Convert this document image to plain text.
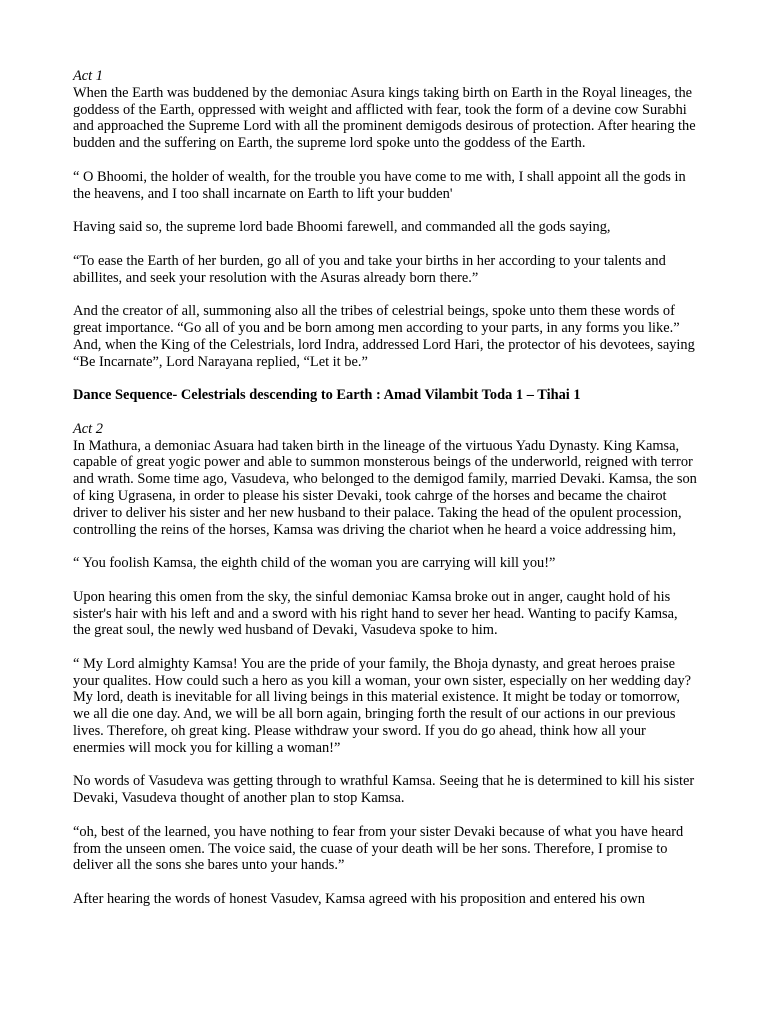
Act 1

When the Earth was buddened by the demoniac Asura kings taking birth on Earth in the Royal lineages, the goddess of the Earth, oppressed with weight and afflicted with fear, took the form of a devine cow Surabhi and approached the Supreme Lord with all the prominent demigods desirous of protection. After hearing the budden and the suffering on Earth, the supreme lord spoke unto the goddess of the Earth.

“ O Bhoomi, the holder of wealth, for the trouble you have come to me with, I shall appoint all the gods in the heavens, and I too shall incarnate on Earth to lift your budden'

Having said so, the supreme lord bade Bhoomi farewell, and commanded all the gods saying,

“To ease the Earth of her burden, go all of you and take your births in her according to your talents and abillites, and seek your resolution with the Asuras already born there.”

And the creator of all, summoning also all the tribes of celestrial beings, spoke unto them these words of great importance. “Go all of you and be born among men according to your parts, in any forms you like.” And, when the King of the Celestrials, lord Indra, addressed Lord Hari, the protector of his devotees, saying “Be Incarnate”, Lord Narayana replied, “Let it be.”

Dance Sequence- Celestrials descending to Earth : Amad Vilambit Toda 1 – Tihai 1

Act 2

In Mathura, a demoniac Asuara had taken birth in the lineage of the virtuous Yadu Dynasty. King Kamsa, capable of great yogic power and able to summon monsterous beings of the underworld, reigned with terror and wrath. Some time ago, Vasudeva, who belonged to the demigod family, married Devaki. Kamsa, the son of king Ugrasena, in order to please his sister Devaki, took cahrge of the horses and became the chairot driver to deliver his sister and her new husband to their palace. Taking the head of the opulent procession, controlling the reins of the horses, Kamsa was driving the chariot when he heard a voice addressing him,

“ You foolish Kamsa, the eighth child of the woman you are carrying will kill you!”

Upon hearing this omen from the sky, the sinful demoniac Kamsa broke out in anger, caught hold of his sister's hair with his left and and a sword with his right hand to sever her head. Wanting to pacify Kamsa, the great soul, the newly wed husband of Devaki, Vasudeva spoke to him.

“ My Lord almighty Kamsa! You are the pride of your family, the Bhoja dynasty, and great heroes praise your qualites. How could such a hero as you kill a woman, your own sister, especially on her wedding day? My lord, death is inevitable for all living beings in this material existence. It might be today or tomorrow, we all die one day. And, we will be all born again, bringing forth the result of our actions in our previous lives. Therefore, oh great king. Please withdraw your sword. If you do go ahead, think how all your enermies will mock you for killing a woman!”

No words of Vasudeva was getting through to wrathful Kamsa. Seeing that he is determined to kill his sister Devaki, Vasudeva thought of another plan to stop Kamsa.

“oh, best of the learned, you have nothing to fear from your sister Devaki because of what you have heard from the unseen omen. The voice said, the cuase of your death will be her sons. Therefore, I promise to deliver all the sons she bares unto your hands.”

After hearing the words of honest Vasudev, Kamsa agreed with his proposition and entered his own
